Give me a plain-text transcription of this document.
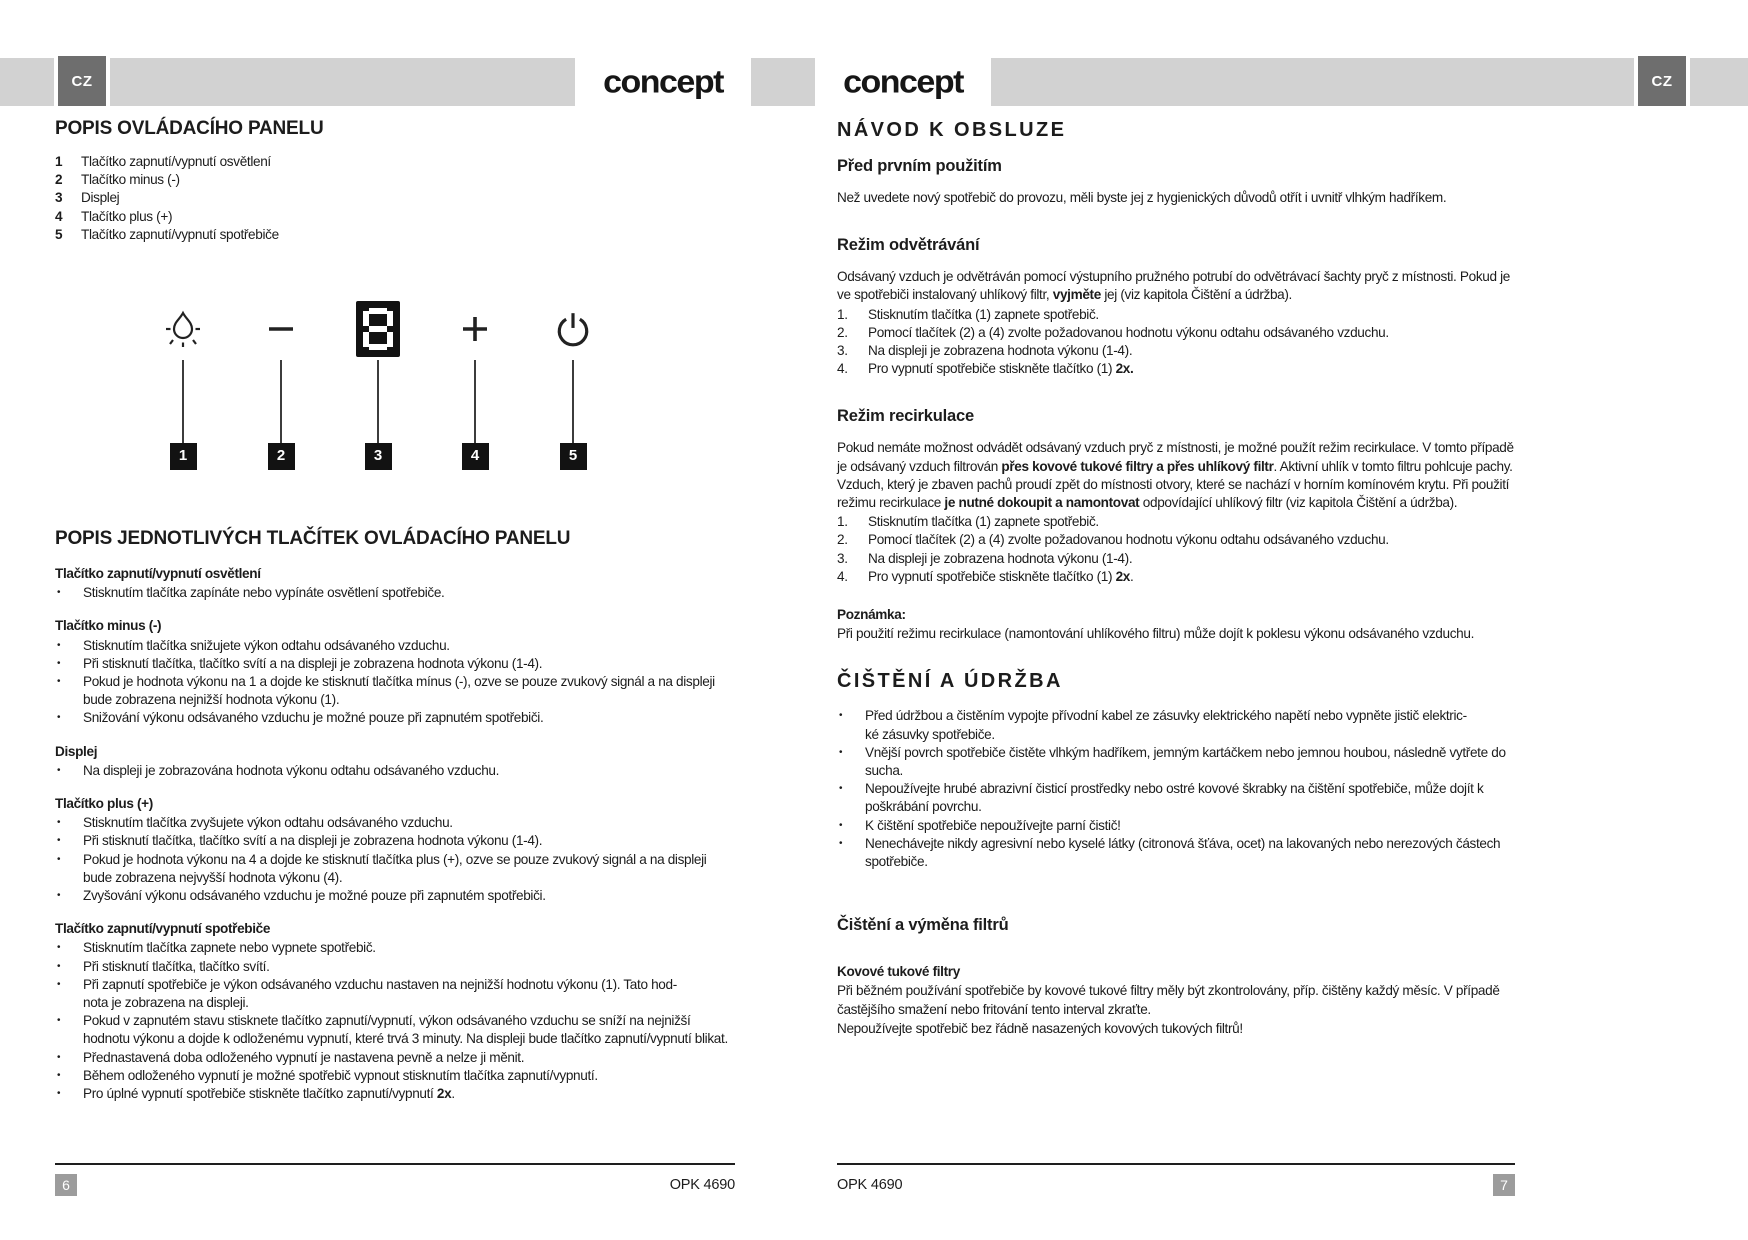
concept	concept
CZ	CZ
POPIS OVLÁDACÍHO PANELU
1	Tlačítko zapnutí/vypnutí osvětlení
2	Tlačítko minus (-)
3	Displej
4	Tlačítko plus (+)
5	Tlačítko zapnutí/vypnutí spotřebiče
1	2	3	4	5
POPIS JEDNOTLIVÝCH TLAČÍTEK OVLÁDACÍHO PANELU
Tlačítko zapnutí/vypnutí osvětlení
•	Stisknutím tlačítka zapínáte nebo vypínáte osvětlení spotřebiče.
Tlačítko minus (-)
•	Stisknutím tlačítka snižujete výkon odtahu odsávaného vzduchu.
•	Při stisknutí tlačítka, tlačítko svítí a na displeji je zobrazena hodnota výkonu (1-4).
•	Pokud je hodnota výkonu na 1 a dojde ke stisknutí tlačítka mínus (-), ozve se pouze zvukový signál a na displeji bude zobrazena nejnižší hodnota výkonu (1).
•	Snižování výkonu odsávaného vzduchu je možné pouze při zapnutém spotřebiči.
Displej
•	Na displeji je zobrazována hodnota výkonu odtahu odsávaného vzduchu.
Tlačítko plus (+)
•	Stisknutím tlačítka zvyšujete výkon odtahu odsávaného vzduchu.
•	Při stisknutí tlačítka, tlačítko svítí a na displeji je zobrazena hodnota výkonu (1-4).
•	Pokud je hodnota výkonu na 4 a dojde ke stisknutí tlačítka plus (+), ozve se pouze zvukový signál a na displeji bude zobrazena nejvyšší hodnota výkonu (4).
•	Zvyšování výkonu odsávaného vzduchu je možné pouze při zapnutém spotřebiči.
Tlačítko zapnutí/vypnutí spotřebiče
•	Stisknutím tlačítka zapnete nebo vypnete spotřebič.
•	Při stisknutí tlačítka, tlačítko svítí.
•	Při zapnutí spotřebiče je výkon odsávaného vzduchu nastaven na nejnižší hodnotu výkonu (1). Tato hod-
nota je zobrazena na displeji.
•	Pokud v zapnutém stavu stisknete tlačítko zapnutí/vypnutí, výkon odsávaného vzduchu se sníží na nejnižší hodnotu výkonu a dojde k odloženému vypnutí, které trvá 3 minuty. Na displeji bude tlačítko zapnutí/vypnutí blikat.
•	Přednastavená doba odloženého vypnutí je nastavena pevně a nelze ji měnit.
•	Během odloženého vypnutí je možné spotřebič vypnout stisknutím tlačítka zapnutí/vypnutí.
•	Pro úplné vypnutí spotřebiče stiskněte tlačítko zapnutí/vypnutí 2x.
NÁVOD K OBSLUZE
Před prvním použitím

Než uvedete nový spotřebič do provozu, měli byste jej z hygienických důvodů otřít i uvnitř vlhkým hadříkem.

Režim odvětrávání

Odsávaný vzduch je odvětráván pomocí výstupního pružného potrubí do odvětrávací šachty pryč z místnosti. Pokud je ve spotřebiči instalovaný uhlíkový filtr, vyjměte jej (viz kapitola Čištění a údržba).

1.	Stisknutím tlačítka (1) zapnete spotřebič.
2.	Pomocí tlačítek (2) a (4) zvolte požadovanou hodnotu výkonu odtahu odsávaného vzduchu.
3.	Na displeji je zobrazena hodnota výkonu (1-4).
4.	Pro vypnutí spotřebiče stiskněte tlačítko (1) 2x.
Režim recirkulace

Pokud nemáte možnost odvádět odsávaný vzduch pryč z místnosti, je možné použít režim recirkulace. V tomto případě je odsávaný vzduch filtrován přes kovové tukové filtry a přes uhlíkový filtr. Aktivní uhlík v tomto filtru pohlcuje pachy. Vzduch, který je zbaven pachů proudí zpět do místnosti otvory, které se nachází v horním komínovém krytu. Při použití režimu recirkulace je nutné dokoupit a namontovat odpovídající uhlíkový filtr (viz kapitola Čištění a údržba).

1.	Stisknutím tlačítka (1) zapnete spotřebič.
2.	Pomocí tlačítek (2) a (4) zvolte požadovanou hodnotu výkonu odtahu odsávaného vzduchu.
3.	Na displeji je zobrazena hodnota výkonu (1-4).
4.	Pro vypnutí spotřebiče stiskněte tlačítko (1) 2x.
Poznámka:

Při použití režimu recirkulace (namontování uhlíkového filtru) může dojít k poklesu výkonu odsávaného vzduchu.

ČIŠTĚNÍ A ÚDRŽBA
•	Před údržbou a čistěním vypojte přívodní kabel ze zásuvky elektrického napětí nebo vypněte jistič elektric-
ké zásuvky spotřebiče.
•	Vnější povrch spotřebiče čistěte vlhkým hadříkem, jemným kartáčkem nebo jemnou houbou, následně vytřete do sucha.
•	Nepoužívejte hrubé abrazivní čisticí prostředky nebo ostré kovové škrabky na čištění spotřebiče, může dojít k poškrábání povrchu.
•	K čištění spotřebiče nepoužívejte parní čistič!
•	Nenechávejte nikdy agresivní nebo kyselé látky (citronová šťáva, ocet) na lakovaných nebo nerezových částech spotřebiče.
Čištění a výměna filtrů
Kovové tukové filtry

Při běžném používání spotřebiče by kovové tukové filtry měly být zkontrolovány, příp. čištěny každý měsíc. V případě častějšího smažení nebo fritování tento interval zkraťte.

Nepoužívejte spotřebič bez řádně nasazených kovových tukových filtrů!

6	OPK 4690	OPK 4690	7
